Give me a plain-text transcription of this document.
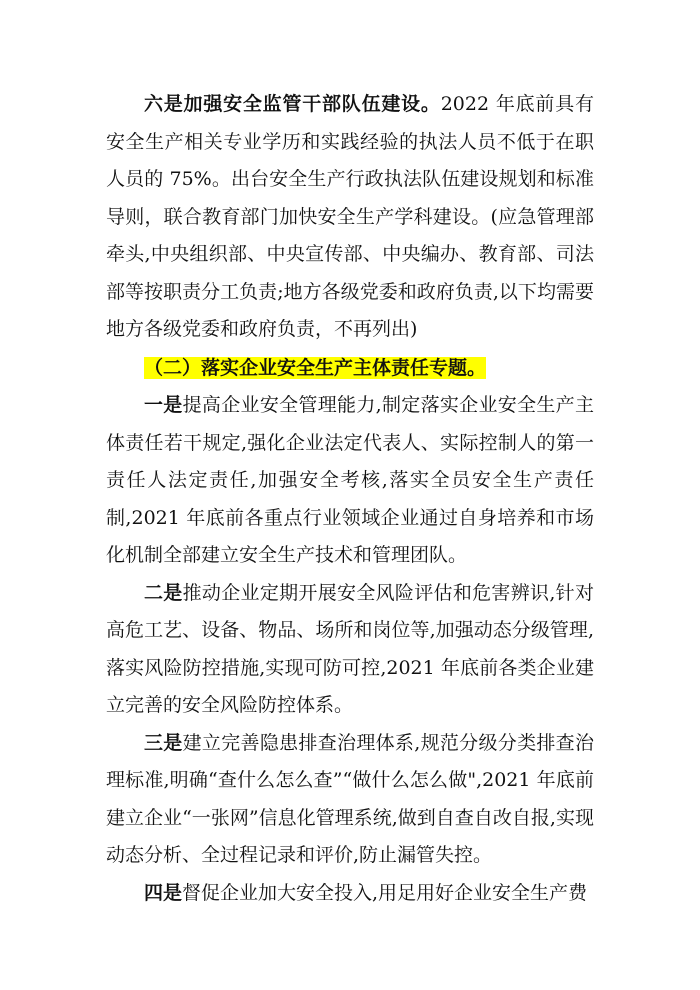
六是加强安全监管干部队伍建设。2022 年底前具有安全生产相关专业学历和实践经验的执法人员不低于在职人员的 75%。出台安全生产行政执法队伍建设规划和标准导则，联合教育部门加快安全生产学科建设。(应急管理部牵头,中央组织部、中央宣传部、中央编办、教育部、司法部等按职责分工负责;地方各级党委和政府负责,以下均需要地方各级党委和政府负责，不再列出)

（二）落实企业安全生产主体责任专题。

一是提高企业安全管理能力,制定落实企业安全生产主体责任若干规定,强化企业法定代表人、实际控制人的第一责任人法定责任,加强安全考核,落实全员安全生产责任制,2021 年底前各重点行业领域企业通过自身培养和市场化机制全部建立安全生产技术和管理团队。

二是推动企业定期开展安全风险评估和危害辨识,针对高危工艺、设备、物品、场所和岗位等,加强动态分级管理,落实风险防控措施,实现可防可控,2021 年底前各类企业建立完善的安全风险防控体系。

三是建立完善隐患排查治理体系,规范分级分类排查治理标准,明确“查什么怎么查”“做什么怎么做",2021 年底前建立企业“一张网”信息化管理系统,做到自查自改自报,实现动态分析、全过程记录和评价,防止漏管失控。

四是督促企业加大安全投入,用足用好企业安全生产费
